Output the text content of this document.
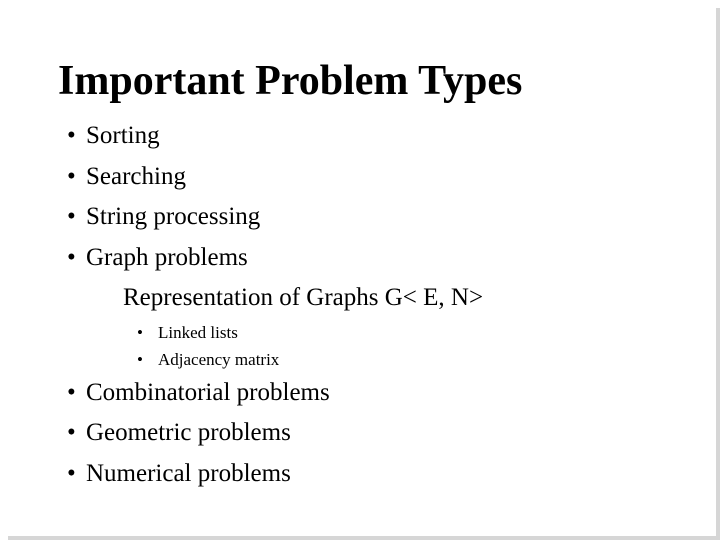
Important Problem Types
• Sorting
• Searching
• String processing
• Graph problems
Representation of Graphs G< E, N>
• Linked lists
• Adjacency matrix
• Combinatorial problems
• Geometric problems
• Numerical problems
